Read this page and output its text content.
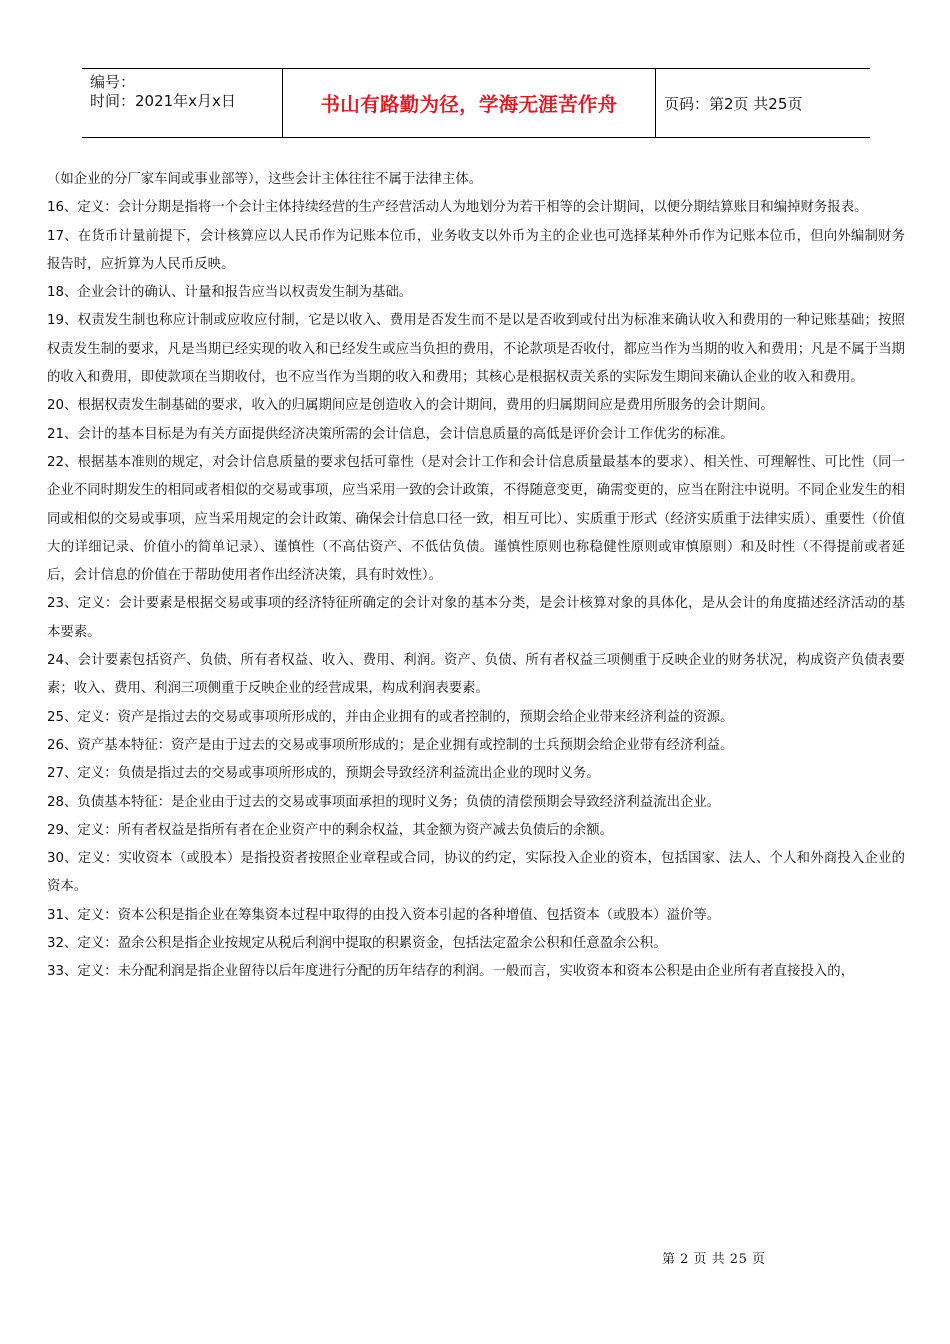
编号：
时间：2021年x月x日	书山有路勤为径，学海无涯苦作舟	页码：第2页 共25页

（如企业的分厂家车间或事业部等），这些会计主体往往不属于法律主体。

16、定义：会计分期是指将一个会计主体持续经营的生产经营活动人为地划分为若干相等的会计期间，以便分期结算账目和编掉财务报表。

17、在货币计量前提下，会计核算应以人民币作为记账本位币，业务收支以外币为主的企业也可选择某种外币作为记账本位币，但向外编制财务报告时，应折算为人民币反映。

18、企业会计的确认、计量和报告应当以权责发生制为基础。

19、权责发生制也称应计制或应收应付制，它是以收入、费用是否发生而不是以是否收到或付出为标准来确认收入和费用的一种记账基础；按照权责发生制的要求，凡是当期已经实现的收入和已经发生或应当负担的费用，不论款项是否收付，都应当作为当期的收入和费用；凡是不属于当期的收入和费用，即使款项在当期收付，也不应当作为当期的收入和费用；其核心是根据权责关系的实际发生期间来确认企业的收入和费用。

20、根据权责发生制基础的要求，收入的归属期间应是创造收入的会计期间，费用的归属期间应是费用所服务的会计期间。

21、会计的基本目标是为有关方面提供经济决策所需的会计信息，会计信息质量的高低是评价会计工作优劣的标准。

22、根据基本准则的规定，对会计信息质量的要求包括可靠性（是对会计工作和会计信息质量最基本的要求）、相关性、可理解性、可比性（同一企业不同时期发生的相同或者相似的交易或事项，应当采用一致的会计政策，不得随意变更，确需变更的，应当在附注中说明。不同企业发生的相同或相似的交易或事项，应当采用规定的会计政策、确保会计信息口径一致，相互可比）、实质重于形式（经济实质重于法律实质）、重要性（价值大的详细记录、价值小的简单记录）、谨慎性（不高估资产、不低估负债。谨慎性原则也称稳健性原则或审慎原则）和及时性（不得提前或者延后，会计信息的价值在于帮助使用者作出经济决策，具有时效性）。

23、定义：会计要素是根据交易或事项的经济特征所确定的会计对象的基本分类，是会计核算对象的具体化，是从会计的角度描述经济活动的基本要素。

24、会计要素包括资产、负债、所有者权益、收入、费用、利润。资产、负债、所有者权益三项侧重于反映企业的财务状况，构成资产负债表要素；收入、费用、利润三项侧重于反映企业的经营成果，构成利润表要素。

25、定义：资产是指过去的交易或事项所形成的，并由企业拥有的或者控制的，预期会给企业带来经济利益的资源。

26、资产基本特征：资产是由于过去的交易或事项所形成的；是企业拥有或控制的士兵预期会给企业带有经济利益。

27、定义：负债是指过去的交易或事项所形成的，预期会导致经济利益流出企业的现时义务。

28、负债基本特征：是企业由于过去的交易或事项面承担的现时义务；负债的清偿预期会导致经济利益流出企业。

29、定义：所有者权益是指所有者在企业资产中的剩余权益，其金额为资产减去负债后的余额。

30、定义：实收资本（或股本）是指投资者按照企业章程或合同，协议的约定，实际投入企业的资本，包括国家、法人、个人和外商投入企业的资本。

31、定义：资本公积是指企业在筹集资本过程中取得的由投入资本引起的各种增值、包括资本（或股本）溢价等。

32、定义：盈余公积是指企业按规定从税后利润中提取的积累资金，包括法定盈余公积和任意盈余公积。

33、定义：未分配利润是指企业留待以后年度进行分配的历年结存的利润。一般而言，实收资本和资本公积是由企业所有者直接投入的，

第 2 页 共 25 页
